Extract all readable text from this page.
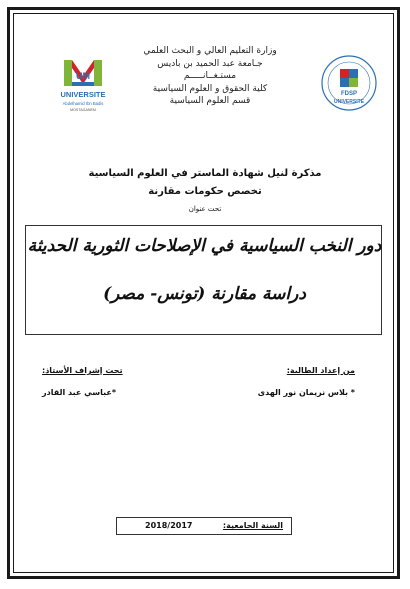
UM
UNIVERSITE
Abdelhamid Ibn Badis
MOSTAGANEM
وزارة التعليم العالي و البحث العلمي
جـامعة عبد الحميد بن باديس
مستـغــانـــــم
كلية الحقوق و العلوم السياسية
قسم العلوم السياسية
FDSP
UNIVERSITE
مذكرة لنيل شهادة الماستر في العلوم السياسية
تخصص حكومات مقارنة
تحت عنوان
دور النخب السياسية في الإصلاحات الثورية الحديثة
دراسة مقارنة (تونس- مصر)
من إعداد الطالبة:
* بلاس نريمان نور الهدى
تحت إشراف الأستاذ:
*عباسي عبد القادر
السنة الجامعية:
2018/2017
